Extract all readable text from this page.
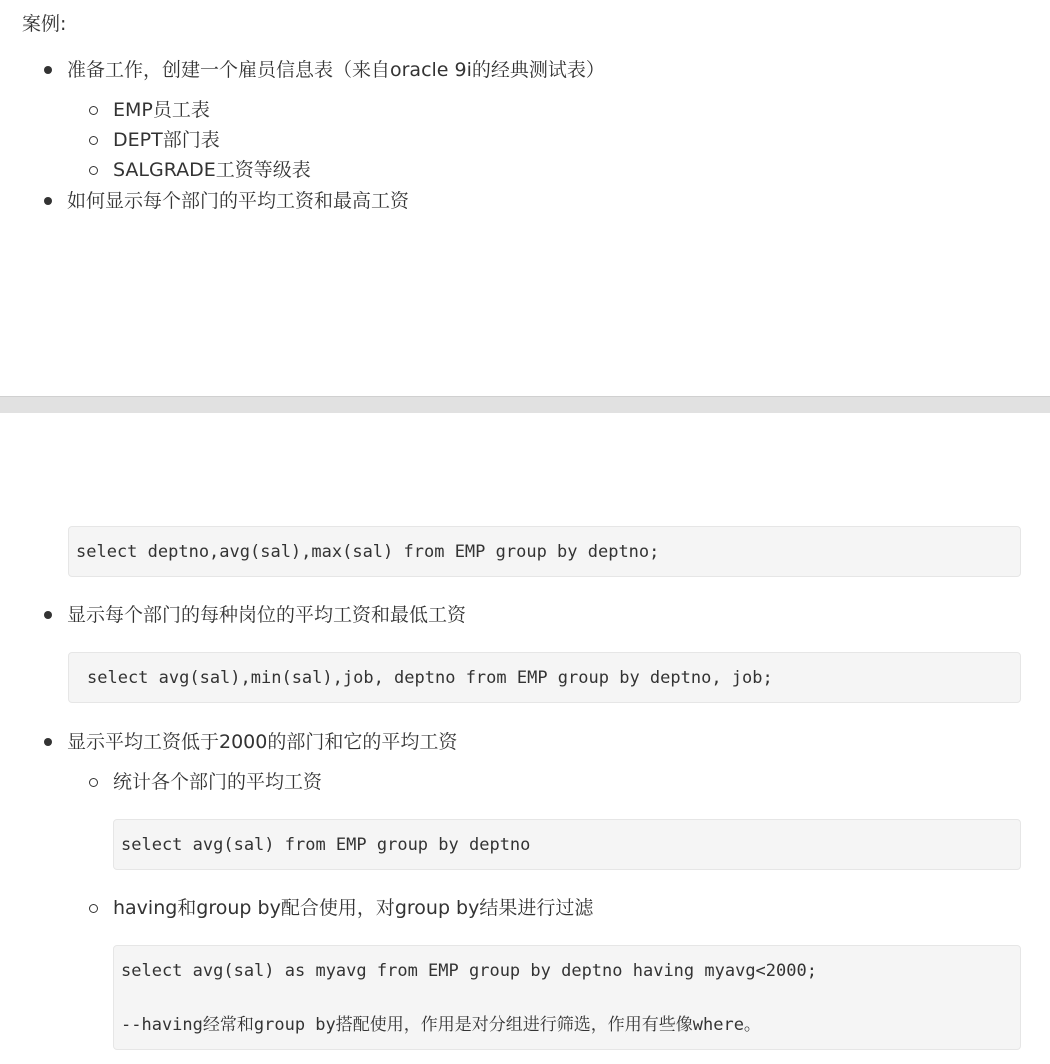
案例:
准备工作，创建一个雇员信息表（来自oracle 9i的经典测试表）
EMP员工表
DEPT部门表
SALGRADE工资等级表
如何显示每个部门的平均工资和最高工资
select deptno,avg(sal),max(sal) from EMP group by deptno;
显示每个部门的每种岗位的平均工资和最低工资
select avg(sal),min(sal),job, deptno from EMP group by deptno, job;
显示平均工资低于2000的部门和它的平均工资
统计各个部门的平均工资
select avg(sal) from EMP group by deptno
having和group by配合使用，对group by结果进行过滤
select avg(sal) as myavg from EMP group by deptno having myavg<2000;
--having经常和group by搭配使用，作用是对分组进行筛选，作用有些像where。
